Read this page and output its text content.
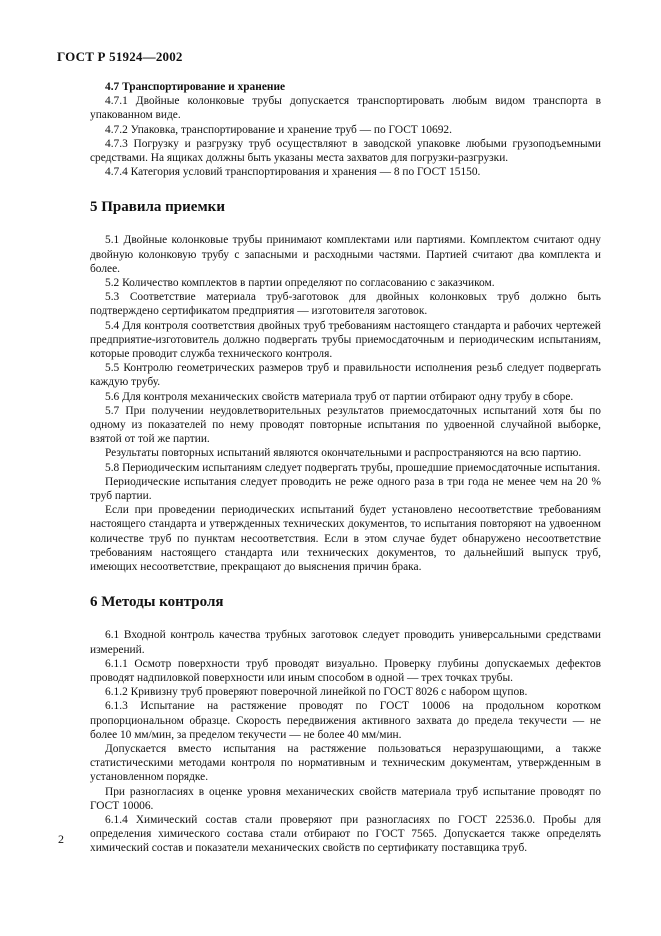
ГОСТ Р 51924—2002

4.7 Транспортирование и хранение

4.7.1 Двойные колонковые трубы допускается транспортировать любым видом транспорта в упакованном виде.

4.7.2 Упаковка, транспортирование и хранение труб — по ГОСТ 10692.

4.7.3 Погрузку и разгрузку труб осуществляют в заводской упаковке любыми грузоподъемными средствами. На ящиках должны быть указаны места захватов для погрузки-разгрузки.

4.7.4 Категория условий транспортирования и хранения — 8 по ГОСТ 15150.

5 Правила приемки

5.1 Двойные колонковые трубы принимают комплектами или партиями. Комплектом считают одну двойную колонковую трубу с запасными и расходными частями. Партией считают два комплекта и более.

5.2 Количество комплектов в партии определяют по согласованию с заказчиком.

5.3 Соответствие материала труб-заготовок для двойных колонковых труб должно быть подтверждено сертификатом предприятия — изготовителя заготовок.

5.4 Для контроля соответствия двойных труб требованиям настоящего стандарта и рабочих чертежей предприятие-изготовитель должно подвергать трубы приемосдаточным и периодическим испытаниям, которые проводит служба технического контроля.

5.5 Контролю геометрических размеров труб и правильности исполнения резьб следует подвергать каждую трубу.

5.6 Для контроля механических свойств материала труб от партии отбирают одну трубу в сборе.

5.7 При получении неудовлетворительных результатов приемосдаточных испытаний хотя бы по одному из показателей по нему проводят повторные испытания по удвоенной случайной выборке, взятой от той же партии.

Результаты повторных испытаний являются окончательными и распространяются на всю партию.

5.8 Периодическим испытаниям следует подвергать трубы, прошедшие приемосдаточные испытания.

Периодические испытания следует проводить не реже одного раза в три года не менее чем на 20 % труб партии.

Если при проведении периодических испытаний будет установлено несоответствие требованиям настоящего стандарта и утвержденных технических документов, то испытания повторяют на удвоенном количестве труб по пунктам несоответствия. Если в этом случае будет обнаружено несоответствие требованиям настоящего стандарта или технических документов, то дальнейший выпуск труб, имеющих несоответствие, прекращают до выяснения причин брака.

6 Методы контроля

6.1 Входной контроль качества трубных заготовок следует проводить универсальными средствами измерений.

6.1.1 Осмотр поверхности труб проводят визуально. Проверку глубины допускаемых дефектов проводят надпиловкой поверхности или иным способом в одной — трех точках трубы.

6.1.2 Кривизну труб проверяют поверочной линейкой по ГОСТ 8026 с набором щупов.

6.1.3 Испытание на растяжение проводят по ГОСТ 10006 на продольном коротком пропорциональном образце. Скорость передвижения активного захвата до предела текучести — не более 10 мм/мин, за пределом текучести — не более 40 мм/мин.

Допускается вместо испытания на растяжение пользоваться неразрушающими, а также статистическими методами контроля по нормативным и техническим документам, утвержденным в установленном порядке.

При разногласиях в оценке уровня механических свойств материала труб испытание проводят по ГОСТ 10006.

6.1.4 Химический состав стали проверяют при разногласиях по ГОСТ 22536.0. Пробы для определения химического состава стали отбирают по ГОСТ 7565. Допускается также определять химический состав и показатели механических свойств по сертификату поставщика труб.

2
